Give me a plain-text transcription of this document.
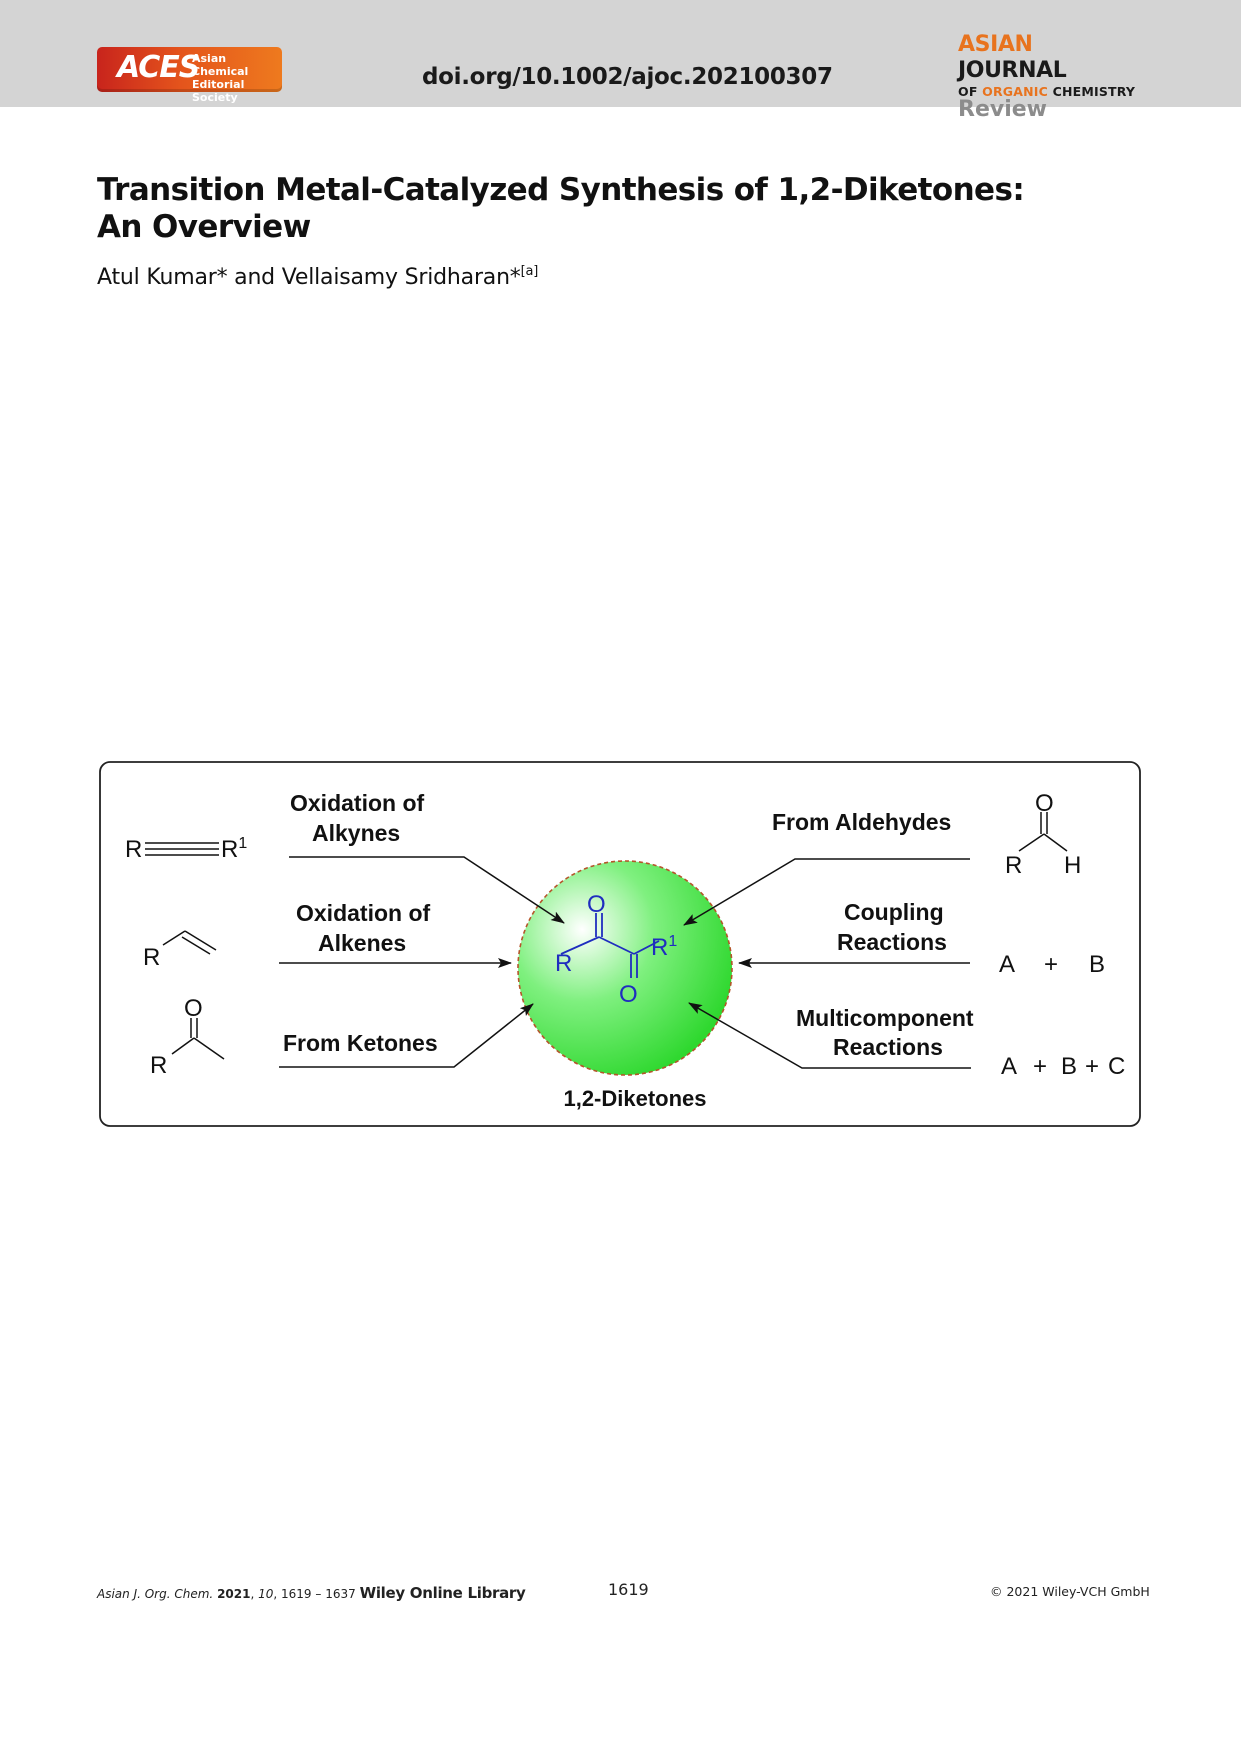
ACES
Asian Chemical
Editorial Society
doi.org/10.1002/ajoc.202100307
ASIAN JOURNAL
OF ORGANIC CHEMISTRY
Review
Transition Metal-Catalyzed Synthesis of 1,2-Diketones:
An Overview
Atul Kumar* and Vellaisamy Sridharan*[a]
O
O
R
$R^1$
1,2-Diketones
R	$R^1$
Oxidation of Alkynes
R
Oxidation of Alkenes
O
R
From Ketones
O
R H
From Aldehydes
Coupling Reactions
A + B
Multicomponent Reactions
A + B + C
Asian J. Org. Chem. 2021, 10, 1619 – 1637 Wiley Online Library	1619	© 2021 Wiley-VCH GmbH
